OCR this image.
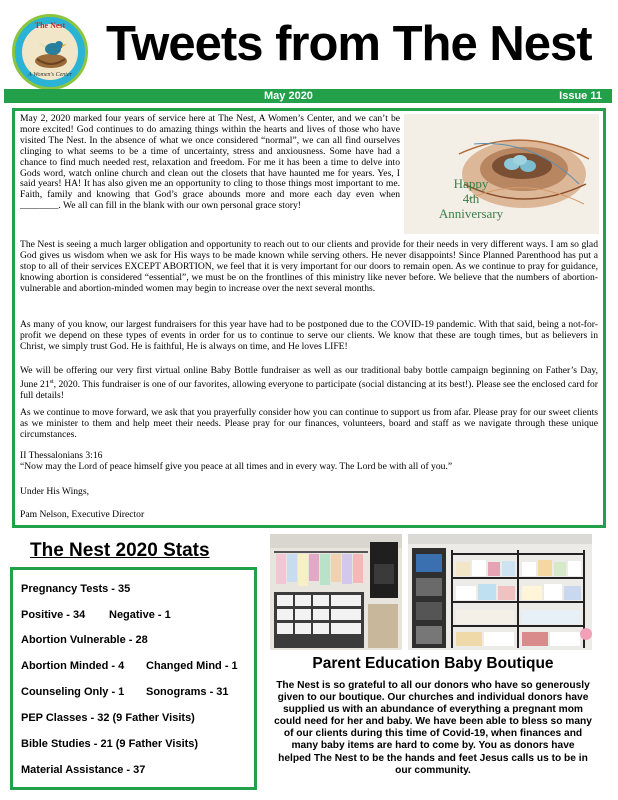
The Nest
A Women's Center
Tweets from The Nest
May 2020	Issue 11
May 2, 2020 marked four years of service here at The Nest, A Women’s Center, and we can’t be more excited! God continues to do amazing things within the hearts and lives of those who have visited The Nest. In the absence of what we once considered “normal”, we can all find ourselves clinging to what seems to be a time of uncertainty, stress and anxiousness. Some have had a chance to find much needed rest, relaxation and freedom. For me it has been a time to delve into Gods word, watch online church and clean out the closets that have haunted me for years. Yes, I said years! HA! It has also given me an opportunity to cling to those things most important to me. Faith, family and knowing that God’s grace abounds more and more each day even when ________. We all can fill in the blank with our own personal grace story!
Happy
4th
Anniversary
The Nest is seeing a much larger obligation and opportunity to reach out to our clients and provide for their needs in very different ways. I am so glad God gives us wisdom when we ask for His ways to be made known while serving others. He never disappoints! Since Planned Parenthood has put a stop to all of their services EXCEPT ABORTION, we feel that it is very important for our doors to remain open. As we continue to pray for guidance, knowing abortion is considered “essential”, we must be on the frontlines of this ministry like never before. We believe that the numbers of abortion-vulnerable and abortion-minded women may begin to increase over the next several months.
As many of you know, our largest fundraisers for this year have had to be postponed due to the COVID-19 pandemic. With that said, being a not-for-profit we depend on these types of events in order for us to continue to serve our clients. We know that these are tough times, but as believers in Christ, we simply trust God. He is faithful, He is always on time, and He loves LIFE!
We will be offering our very first virtual online Baby Bottle fundraiser as well as our traditional baby bottle campaign beginning on Father’s Day, June 21st, 2020. This fundraiser is one of our favorites, allowing everyone to participate (social distancing at its best!). Please see the enclosed card for full details!
As we continue to move forward, we ask that you prayerfully consider how you can continue to support us from afar. Please pray for our sweet clients as we minister to them and help meet their needs. Please pray for our finances, volunteers, board and staff as we navigate through these unique circumstances.
II Thessalonians 3:16
“Now may the Lord of peace himself give you peace at all times and in every way. The Lord be with all of you.”
Under His Wings,
Pam Nelson, Executive Director
The Nest 2020 Stats
Pregnancy Tests - 35
Positive - 34 Negative - 1
Abortion Vulnerable - 28
Abortion Minded - 4 Changed Mind - 1
Counseling Only - 1 Sonograms - 31
PEP Classes - 32 (9 Father Visits)
Bible Studies - 21 (9 Father Visits)
Material Assistance - 37
Parent Education Baby Boutique
The Nest is so grateful to all our donors who have so generously given to our boutique. Our churches and individual donors have supplied us with an abundance of everything a pregnant mom could need for her and baby. We have been able to bless so many of our clients during this time of Covid-19, when finances and many baby items are hard to come by. You as donors have helped The Nest to be the hands and feet Jesus calls us to be in our community.
